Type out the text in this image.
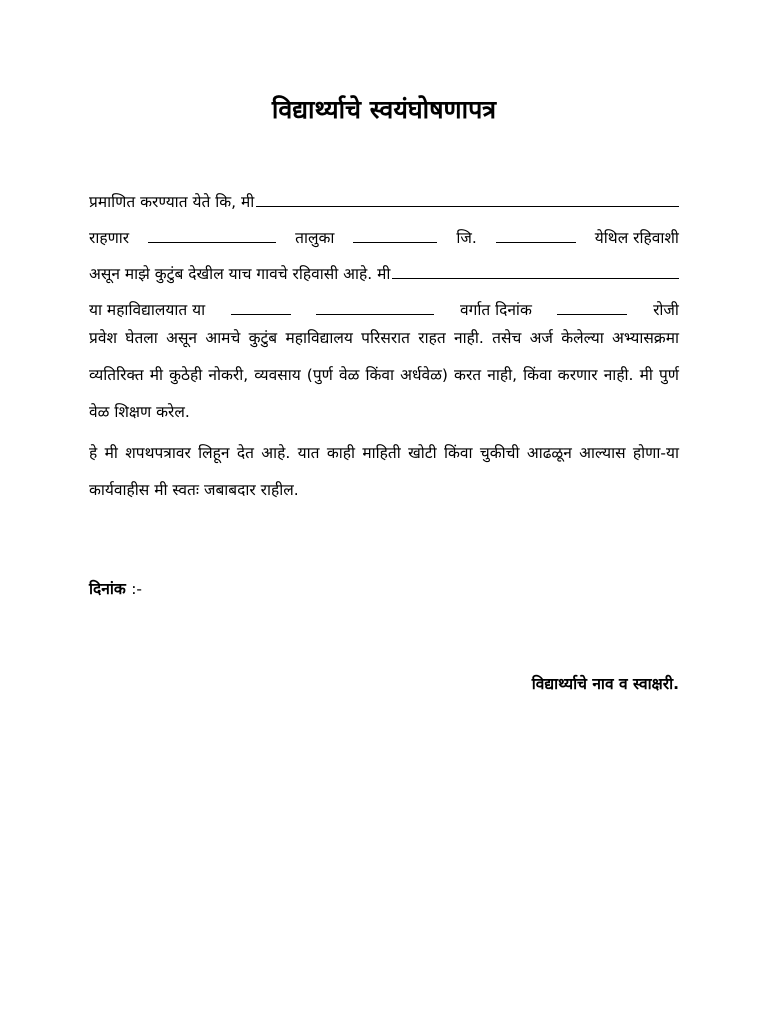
विद्यार्थ्याचे स्वयंघोषणापत्र
प्रमाणित करण्यात येते कि, मी
राहणार	तालुका	जि.	येथिल रहिवाशी
असून माझे कुटुंब देखील याच गावचे रहिवासी आहे. मी
या महाविद्यालयात या	वर्गात दिनांक	रोजी
प्रवेश घेतला असून आमचे कुटुंब महाविद्यालय परिसरात राहत नाही. तसेच अर्ज केलेल्या अभ्यासक्रमा व्यतिरिक्त मी कुठेही नोकरी, व्यवसाय (पुर्ण वेळ किंवा अर्धवेळ) करत नाही, किंवा करणार नाही. मी पुर्ण वेळ शिक्षण करेल.
हे मी शपथपत्रावर लिहून देत आहे. यात काही माहिती खोटी किंवा चुकीची आढळून आल्यास होणा-या कार्यवाहीस मी स्वतः जबाबदार राहील.
दिनांक :-
विद्यार्थ्याचे नाव व स्वाक्षरी.
